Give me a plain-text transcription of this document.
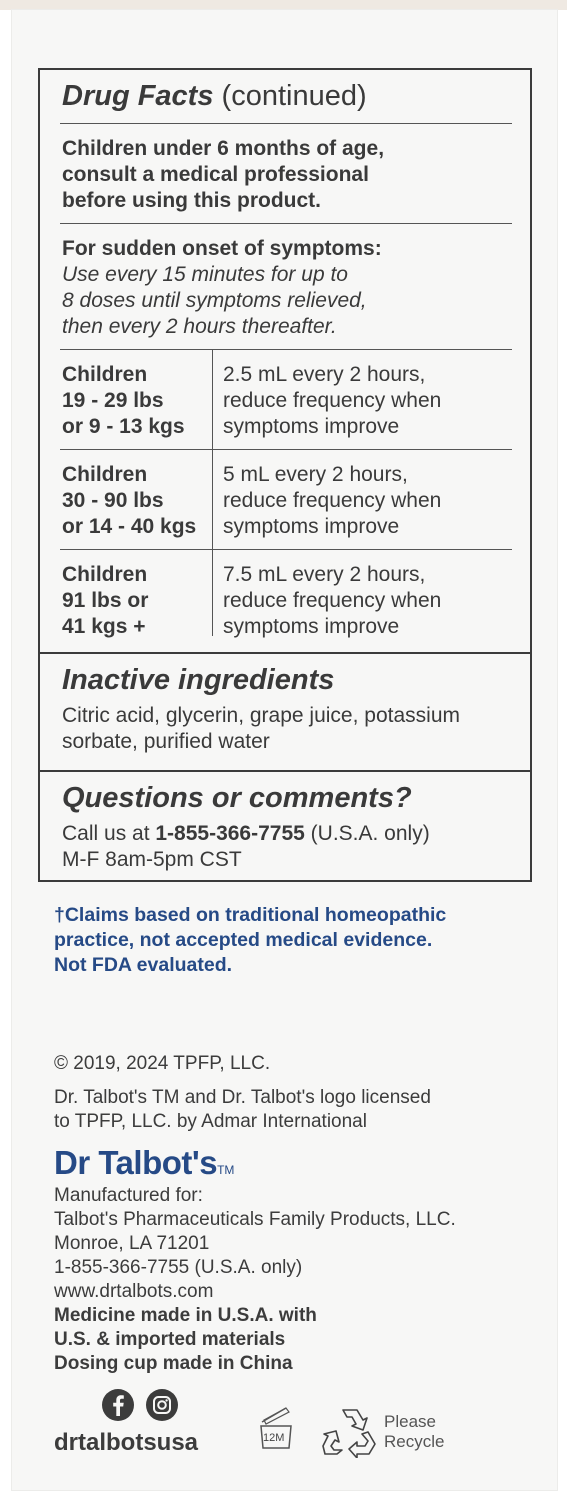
Drug Facts (continued)
Children under 6 months of age,
consult a medical professional
before using this product.
For sudden onset of symptoms:
Use every 15 minutes for up to
8 doses until symptoms relieved,
then every 2 hours thereafter.
Children
19 - 29 lbs
or 9 - 13 kgs
2.5 mL every 2 hours,
reduce frequency when
symptoms improve
Children
30 - 90 lbs
or 14 - 40 kgs
5 mL every 2 hours,
reduce frequency when
symptoms improve
Children
91 lbs or
41 kgs +
7.5 mL every 2 hours,
reduce frequency when
symptoms improve
Inactive ingredients
Citric acid, glycerin, grape juice, potassium
sorbate, purified water
Questions or comments?
Call us at 1-855-366-7755 (U.S.A. only)
M-F 8am-5pm CST
†Claims based on traditional homeopathic
practice, not accepted medical evidence.
Not FDA evaluated.
© 2019, 2024 TPFP, LLC.
Dr. Talbot's TM and Dr. Talbot's logo licensed
to TPFP, LLC. by Admar International
Dr Talbot'sTM
Manufactured for:
Talbot's Pharmaceuticals Family Products, LLC.
Monroe, LA 71201
1-855-366-7755 (U.S.A. only)
www.drtalbots.com
Medicine made in U.S.A. with
U.S. & imported materials
Dosing cup made in China
drtalbotsusa	12M
Please
Recycle
